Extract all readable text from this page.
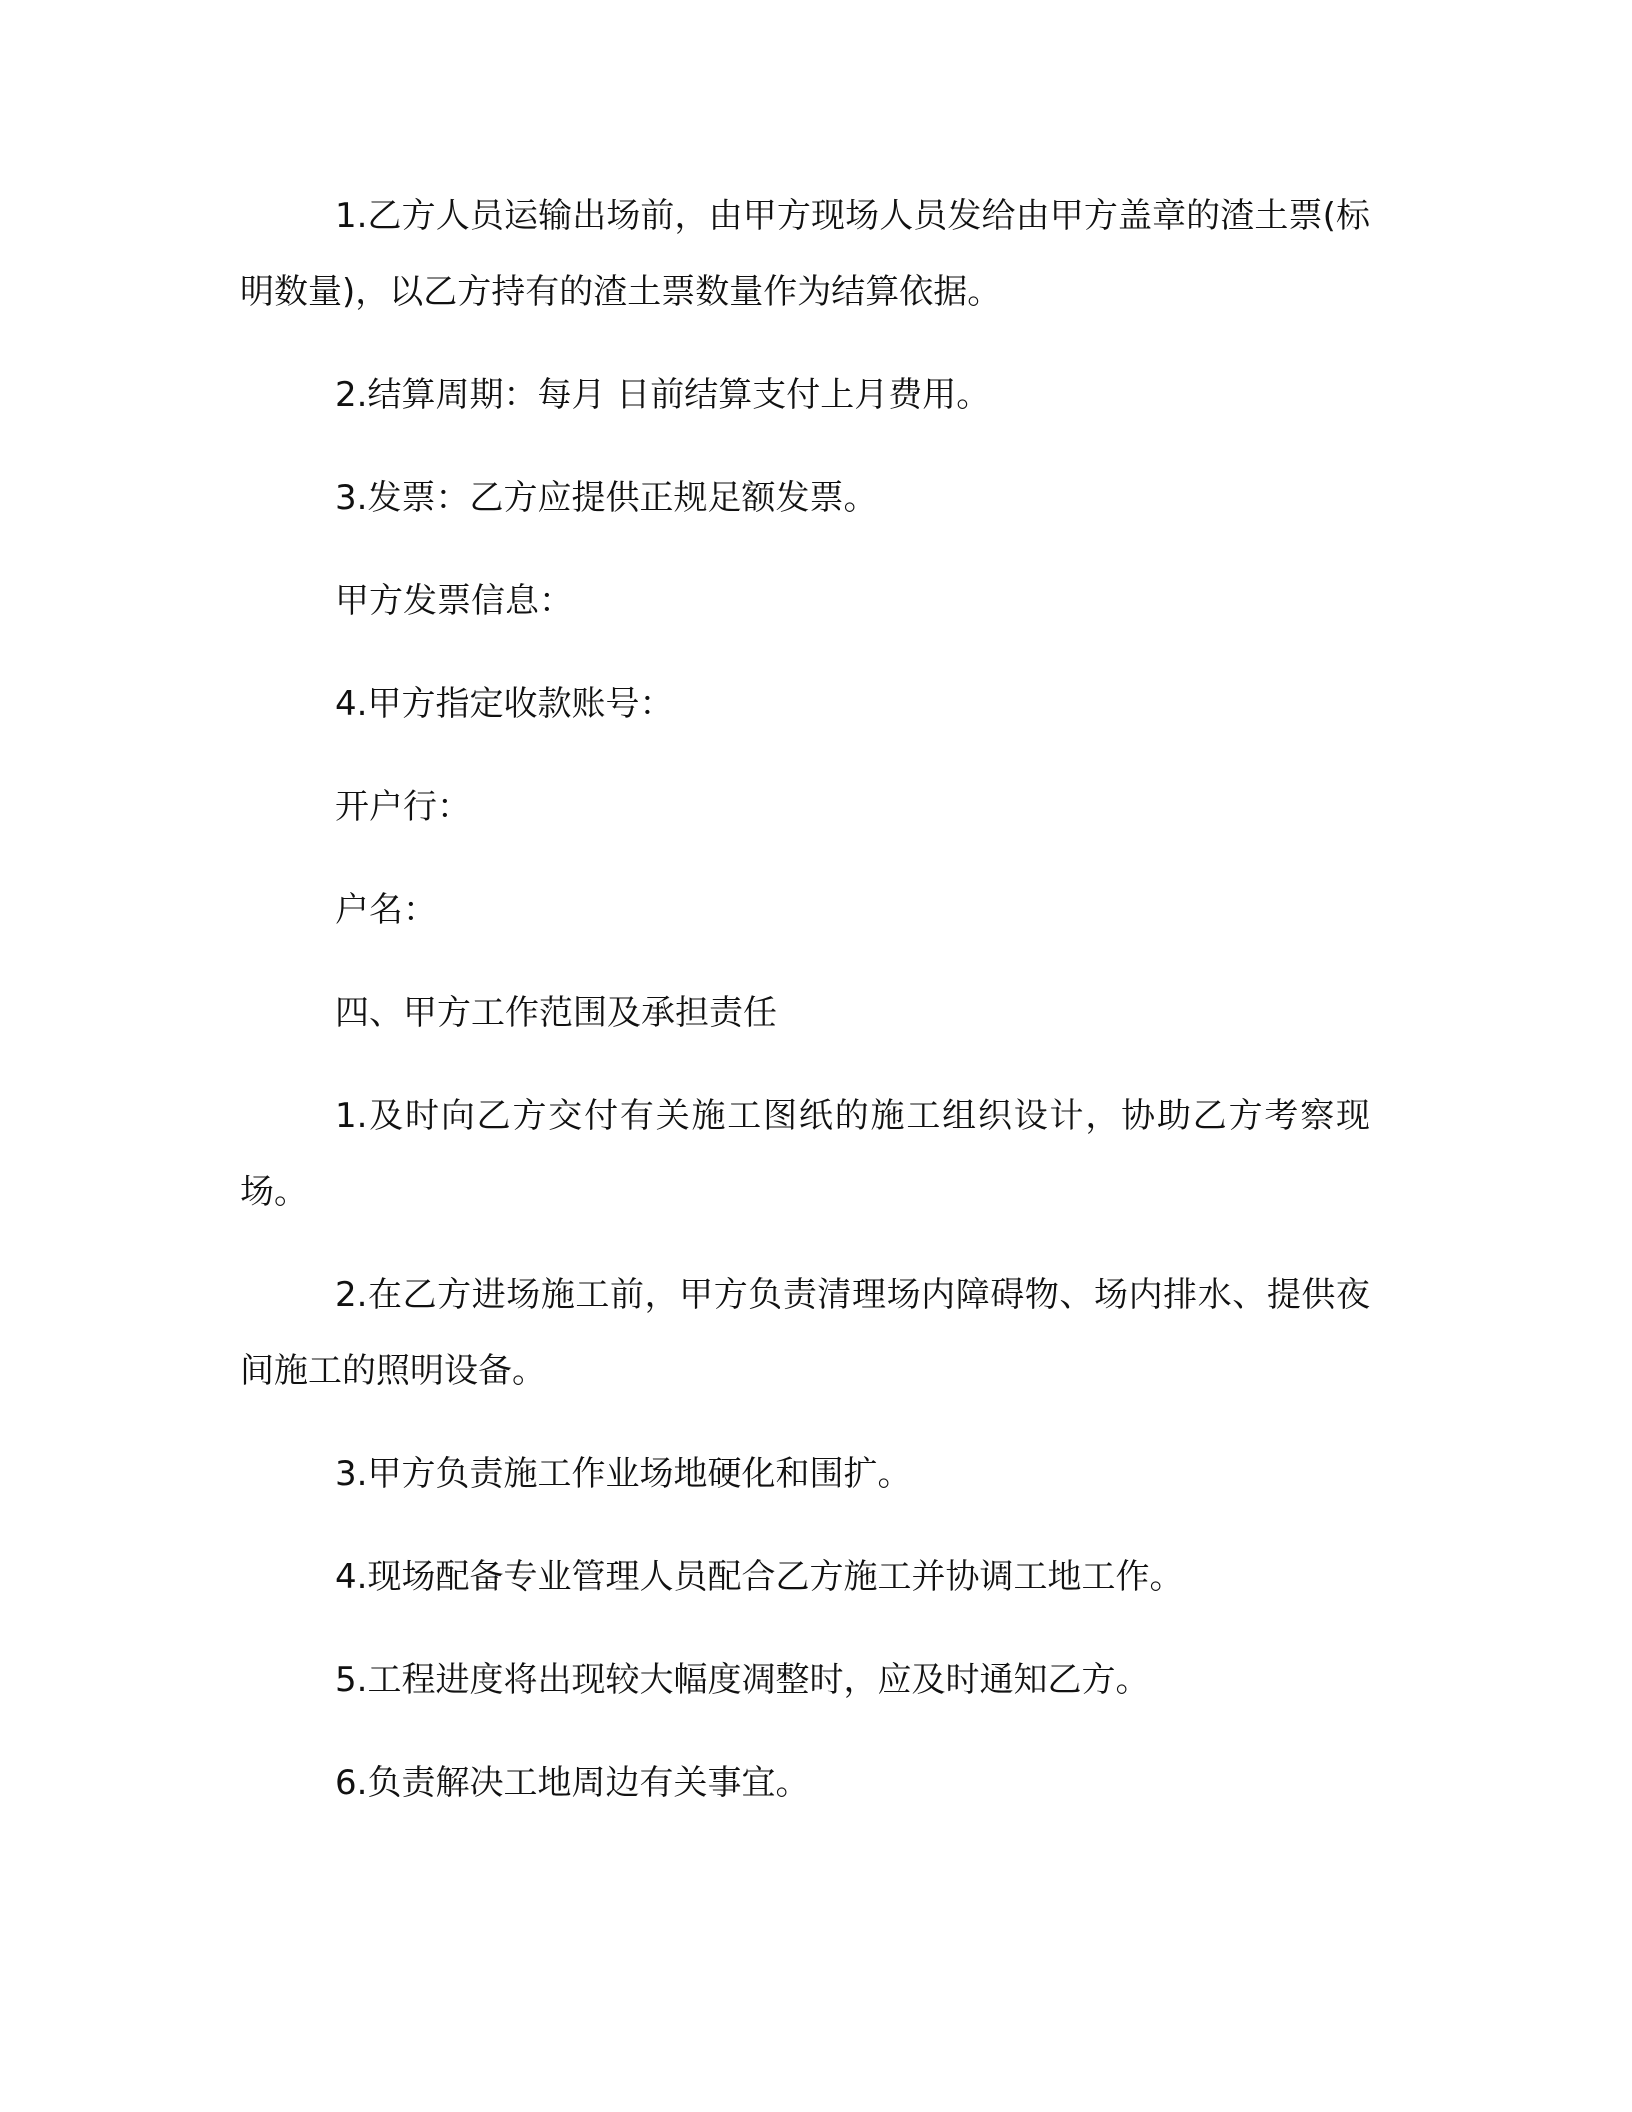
1.乙方人员运输出场前，由甲方现场人员发给由甲方盖章的渣土票(标明数量)，以乙方持有的渣土票数量作为结算依据。

2.结算周期：每月 日前结算支付上月费用。

3.发票：乙方应提供正规足额发票。

甲方发票信息：

4.甲方指定收款账号：

开户行：

户名：

四、甲方工作范围及承担责任

1.及时向乙方交付有关施工图纸的施工组织设计，协助乙方考察现场。

2.在乙方进场施工前，甲方负责清理场内障碍物、场内排水、提供夜间施工的照明设备。

3.甲方负责施工作业场地硬化和围扩。

4.现场配备专业管理人员配合乙方施工并协调工地工作。

5.工程进度将出现较大幅度凋整时，应及时通知乙方。

6.负责解决工地周边有关事宜。
